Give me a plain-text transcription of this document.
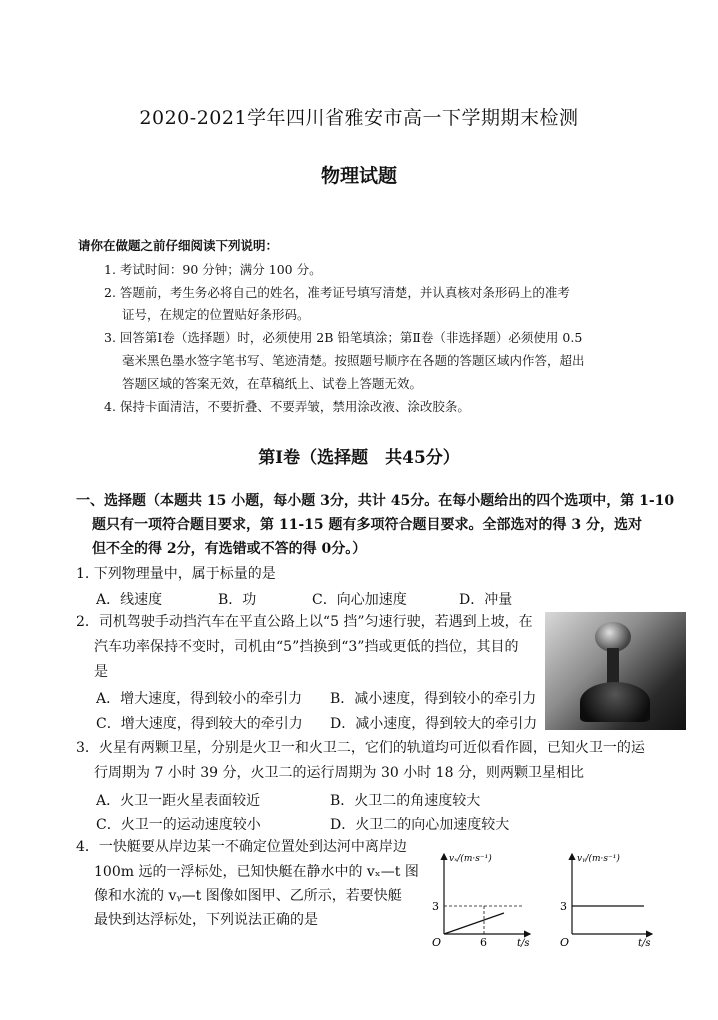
2020-2021学年四川省雅安市高一下学期期末检测
物理试题
请你在做题之前仔细阅读下列说明：
1. 考试时间：90 分钟；满分 100 分。
2. 答题前，考生务必将自己的姓名，准考证号填写清楚，并认真核对条形码上的准考
证号，在规定的位置贴好条形码。
3. 回答第Ⅰ卷（选择题）时，必须使用 2B 铅笔填涂；第Ⅱ卷（非选择题）必须使用 0.5
毫米黑色墨水签字笔书写、笔迹清楚。按照题号顺序在各题的答题区域内作答，超出
答题区域的答案无效，在草稿纸上、试卷上答题无效。
4. 保持卡面清洁，不要折叠、不要弄皱，禁用涂改液、涂改胶条。
第Ⅰ卷（选择题　共45分）
一、选择题（本题共 15 小题，每小题 3分，共计 45分。在每小题给出的四个选项中，第 1-10
题只有一项符合题目要求，第 11-15 题有多项符合题目要求。全部选对的得 3 分，选对
但不全的得 2分，有选错或不答的得 0分。）
1. 下列物理量中，属于标量的是
A．线速度	B．功	C．向心加速度	D．冲量
2．司机驾驶手动挡汽车在平直公路上以“5 挡”匀速行驶，若遇到上坡，在
汽车功率保持不变时，司机由“5”挡换到“3”挡或更低的挡位，其目的
是
A．增大速度，得到较小的牵引力 B．减小速度，得到较小的牵引力
C．增大速度，得到较大的牵引力 D．减小速度，得到较大的牵引力
3．火星有两颗卫星，分别是火卫一和火卫二，它们的轨道均可近似看作圆，已知火卫一的运
行周期为 7 小时 39 分，火卫二的运行周期为 30 小时 18 分，则两颗卫星相比
A．火卫一距火星表面较近	B．火卫二的角速度较大
C．火卫一的运动速度较小	D．火卫二的向心加速度较大
4．一快艇要从岸边某一不确定位置处到达河中离岸边
100m 远的一浮标处，已知快艇在静水中的 vₓ—t 图
像和水流的 vᵧ—t 图像如图甲、乙所示，若要快艇
最快到达浮标处，下列说法正确的是
vₓ/(m·s⁻¹)
t/s
O
3
6
vᵧ/(m·s⁻¹)
t/s
O
3
